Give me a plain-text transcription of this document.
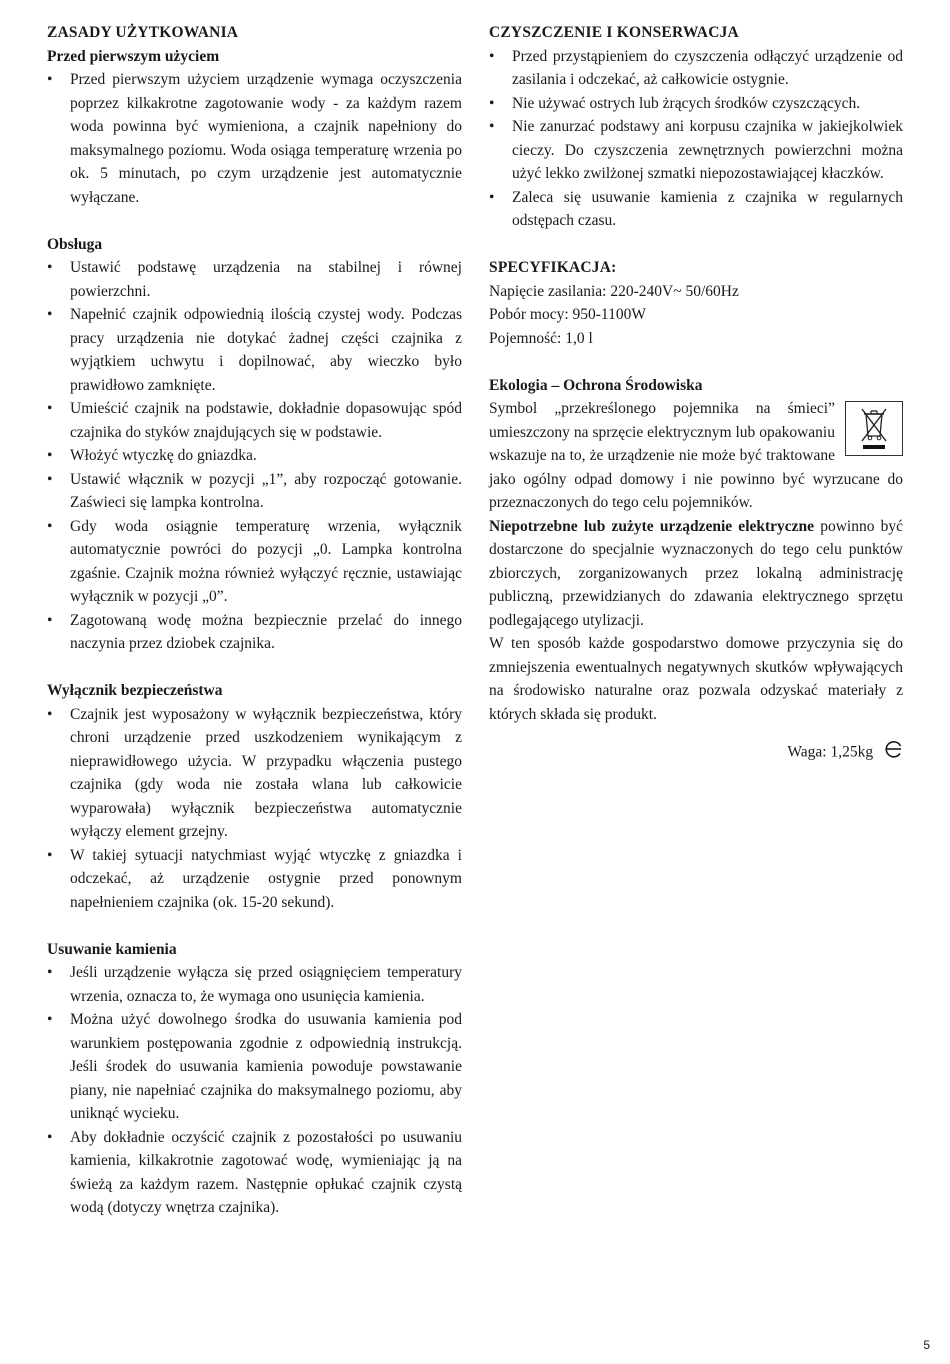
ZASADY UŻYTKOWANIA
Przed pierwszym użyciem
• Przed pierwszym użyciem urządzenie wymaga oczyszczenia poprzez kilkakrotne zagotowanie wody - za każdym razem woda powinna być wymieniona, a czajnik napełniony do maksymalnego poziomu. Woda osiąga temperaturę wrzenia po ok. 5 minutach, po czym urządzenie jest automatycznie wyłączane.
Obsługa
• Ustawić podstawę urządzenia na stabilnej i równej powierzchni.
• Napełnić czajnik odpowiednią ilością czystej wody. Podczas pracy urządzenia nie dotykać żadnej części czajnika z wyjątkiem uchwytu i dopilnować, aby wieczko było prawidłowo zamknięte.
• Umieścić czajnik na podstawie, dokładnie dopasowując spód czajnika do styków znajdujących się w podstawie.
• Włożyć wtyczkę do gniazdka.
• Ustawić włącznik w pozycji „1”, aby rozpocząć gotowanie. Zaświeci się lampka kontrolna.
• Gdy woda osiągnie temperaturę wrzenia, wyłącznik automatycznie powróci do pozycji „0. Lampka kontrolna zgaśnie. Czajnik można również wyłączyć ręcznie, ustawiając wyłącznik w pozycji „0”.
• Zagotowaną wodę można bezpiecznie przelać do innego naczynia przez dziobek czajnika.
Wyłącznik bezpieczeństwa
• Czajnik jest wyposażony w wyłącznik bezpieczeństwa, który chroni urządzenie przed uszkodzeniem wynikającym z nieprawidłowego użycia. W przypadku włączenia pustego czajnika (gdy woda nie została wlana lub całkowicie wyparowała) wyłącznik bezpieczeństwa automatycznie wyłączy element grzejny.
• W takiej sytuacji natychmiast wyjąć wtyczkę z gniazdka i odczekać, aż urządzenie ostygnie przed ponownym napełnieniem czajnika (ok. 15-20 sekund).
Usuwanie kamienia
• Jeśli urządzenie wyłącza się przed osiągnięciem temperatury wrzenia, oznacza to, że wymaga ono usunięcia kamienia.
• Można użyć dowolnego środka do usuwania kamienia pod warunkiem postępowania zgodnie z odpowiednią instrukcją. Jeśli środek do usuwania kamienia powoduje powstawanie piany, nie napełniać czajnika do maksymalnego poziomu, aby uniknąć wycieku.
• Aby dokładnie oczyścić czajnik z pozostałości po usuwaniu kamienia, kilkakrotnie zagotować wodę, wymieniając ją na świeżą za każdym razem. Następnie opłukać czajnik czystą wodą (dotyczy wnętrza czajnika).
CZYSZCZENIE I KONSERWACJA
• Przed przystąpieniem do czyszczenia odłączyć urządzenie od zasilania i odczekać, aż całkowicie ostygnie.
• Nie używać ostrych lub żrących środków czyszczących.
• Nie zanurzać podstawy ani korpusu czajnika w jakiejkolwiek cieczy. Do czyszczenia zewnętrznych powierzchni można użyć lekko zwilżonej szmatki niepozostawiającej kłaczków.
• Zaleca się usuwanie kamienia z czajnika w regularnych odstępach czasu.
SPECYFIKACJA:

Napięcie zasilania: 220-240V~ 50/60Hz

Pobór mocy: 950-1100W

Pojemność: 1,0 l

Ekologia – Ochrona Środowiska

Symbol „przekreślonego pojemnika na śmieci” umieszczony na sprzęcie elektrycznym lub opakowaniu wskazuje na to, że urządzenie nie może być traktowane jako ogólny odpad domowy i nie powinno być wyrzucane do przeznaczonych do tego celu pojemników.

Niepotrzebne lub zużyte urządzenie elektryczne powinno być dostarczone do specjalnie wyznaczonych do tego celu punktów zbiorczych, zorganizowanych przez lokalną administrację publiczną, przewidzianych do zdawania elektrycznego sprzętu podlegającego utylizacji.

W ten sposób każde gospodarstwo domowe przyczynia się do zmniejszenia ewentualnych negatywnych skutków wpływających na środowisko naturalne oraz pozwala odzyskać materiały z których składa się produkt.

Waga: 1,25kg
5
